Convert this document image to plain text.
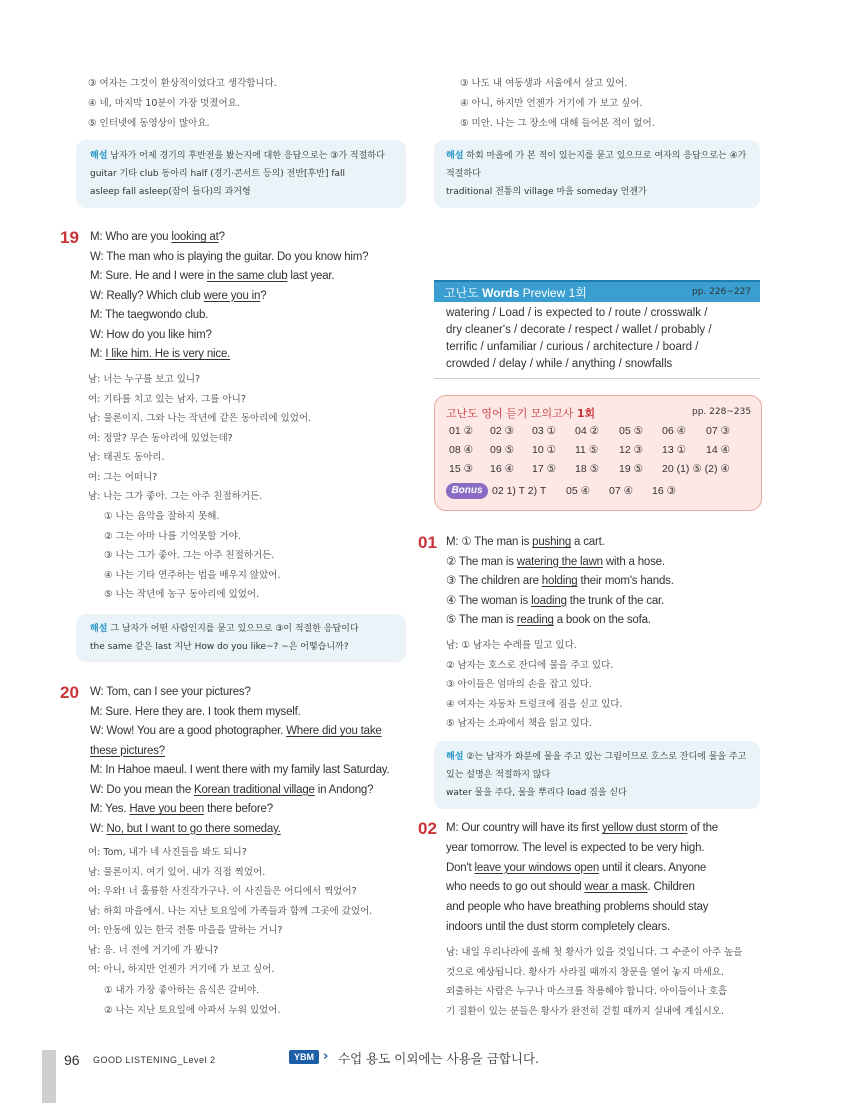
③ 여자는 그것이 환상적이었다고 생각합니다.
④ 네, 마지막 10분이 가장 멋졌어요.
⑤ 인터넷에 동영상이 많아요.
해설 남자가 어제 경기의 후반전을 봤는지에 대한 응답으로는 ③가 적절하다
guitar 기타 club 동아리 half (경기·콘서트 등의) 전반[후반] fall
asleep fall asleep(잠이 들다)의 과거형
19 M: Who are you looking at?
W: The man who is playing the guitar. Do you know him?
M: Sure. He and I were in the same club last year.
W: Really? Which club were you in?
M: The taegwondo club.
W: How do you like him?
M: I like him. He is very nice.
남: 너는 누구를 보고 있니?
여: 기타를 치고 있는 남자. 그를 아니?
남: 물론이지. 그와 나는 작년에 같은 동아리에 있었어.
여: 정말? 무슨 동아리에 있었는데?
남: 태권도 동아리.
여: 그는 어떠니?
남: 나는 그가 좋아. 그는 아주 친절하거든.
① 나는 음악을 잘하지 못해.
② 그는 아마 나를 기억못할 거야.
③ 나는 그가 좋아. 그는 아주 친절하거든.
④ 나는 기타 연주하는 법을 배우지 않았어.
⑤ 나는 작년에 농구 동아리에 있었어.
해설 그 남자가 어떤 사람인지를 묻고 있으므로 ③이 적절한 응답이다
the same 같은 last 지난 How do you like~? ~은 어떻습니까?
20 W: Tom, can I see your pictures?
M: Sure. Here they are. I took them myself.
W: Wow! You are a good photographer. Where did you take
these pictures?
M: In Hahoe maeul. I went there with my family last Saturday.
W: Do you mean the Korean traditional village in Andong?
M: Yes. Have you been there before?
W: No, but I want to go there someday.
여: Tom, 내가 네 사진들을 봐도 되니?
남: 물론이지. 여기 있어. 내가 직접 찍었어.
여: 우와! 너 훌륭한 사진작가구나. 이 사진들은 어디에서 찍었어?
남: 하회 마을에서. 나는 지난 토요일에 가족들과 함께 그곳에 갔었어.
여: 안동에 있는 한국 전통 마을을 말하는 거니?
남: 응. 너 전에 거기에 가 봤니?
여: 아니, 하지만 언젠가 거기에 가 보고 싶어.
① 내가 가장 좋아하는 음식은 갈비야.
② 나는 지난 토요일에 아파서 누워 있었어.
③ 나도 내 여동생과 서울에서 살고 있어.
④ 아니, 하지만 언젠가 거기에 가 보고 싶어.
⑤ 미안. 나는 그 장소에 대해 들어본 적이 없어.
해설 하회 마을에 가 본 적이 있는지를 묻고 있으므로 여자의 응답으로는 ④가
적절하다
traditional 전통의 village 마을 someday 언젠가
고난도 Words Preview 1회	pp. 226~227
watering / Load / is expected to / route / crosswalk /
dry cleaner's / decorate / respect / wallet / probably /
terrific / unfamiliar / curious / architecture / board /
crowded / delay / while / anything / snowfalls
고난도 영어 듣기 모의고사 1회	pp. 228~235
01 ② 02 ③ 03 ① 04 ② 05 ⑤ 06 ④ 07 ③
08 ④ 09 ⑤ 10 ① 11 ⑤ 12 ③ 13 ① 14 ④
15 ③ 16 ④ 17 ⑤ 18 ⑤ 19 ⑤ 20 (1) ⑤ (2) ④
Bonus 02 1) T 2) T 05 ④ 07 ④ 16 ③
01 M: ① The man is pushing a cart.
② The man is watering the lawn with a hose.
③ The children are holding their mom's hands.
④ The woman is loading the trunk of the car.
⑤ The man is reading a book on the sofa.
남: ① 남자는 수레를 밀고 있다.
② 남자는 호스로 잔디에 물을 주고 있다.
③ 아이들은 엄마의 손을 잡고 있다.
④ 여자는 자동차 트렁크에 짐을 싣고 있다.
⑤ 남자는 소파에서 책을 읽고 있다.
해설 ②는 남자가 화분에 물을 주고 있는 그림이므로 호스로 잔디에 물을 주고
있는 설명은 적절하지 않다
water 물을 주다, 물을 뿌리다 load 짐을 싣다
02 M: Our country will have its first yellow dust storm of the
year tomorrow. The level is expected to be very high.
Don't leave your windows open until it clears. Anyone
who needs to go out should wear a mask. Children
and people who have breathing problems should stay
indoors until the dust storm completely clears.
남: 내일 우리나라에 올해 첫 황사가 있을 것입니다. 그 수준이 아주 높을
것으로 예상됩니다. 황사가 사라질 때까지 창문을 열어 놓지 마세요.
외출하는 사람은 누구나 마스크를 착용해야 합니다. 아이들이나 호흡
기 질환이 있는 분들은 황사가 완전히 걷힐 때까지 실내에 계십시오.
96 GOOD LISTENING_Level 2	YBM › 수업 용도 이외에는 사용을 금합니다.
